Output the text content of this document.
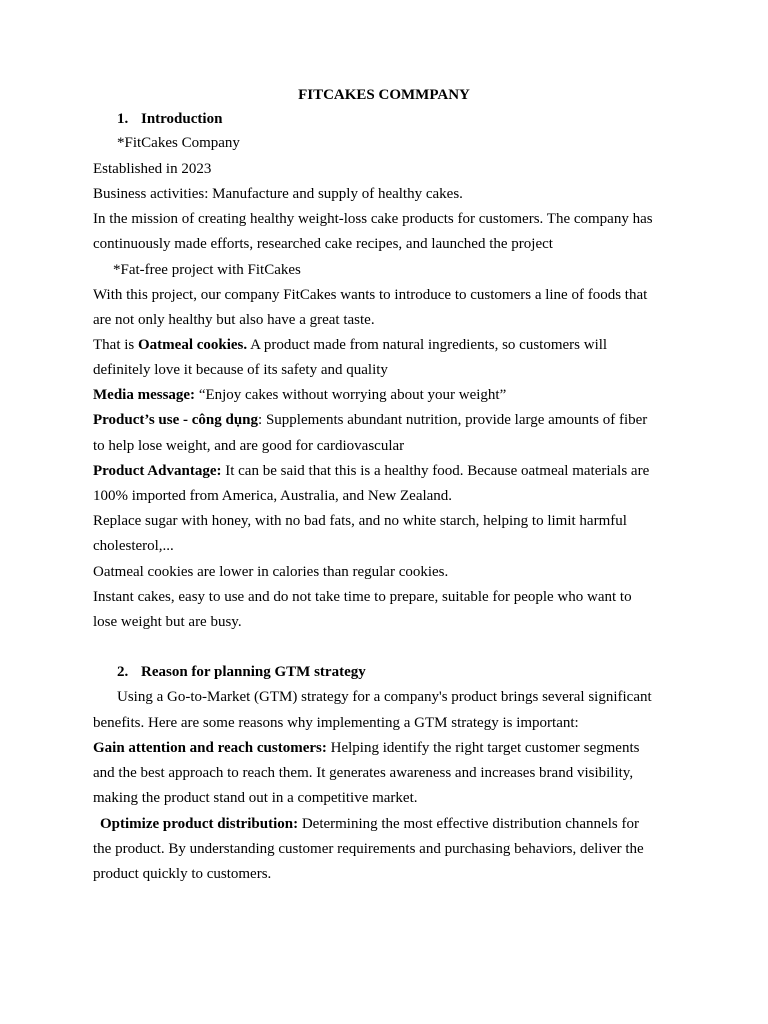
FITCAKES COMMPANY
1. Introduction
*FitCakes Company
Established in 2023
Business activities: Manufacture and supply of healthy cakes.
In the mission of creating healthy weight-loss cake products for customers. The company has
continuously made efforts, researched cake recipes, and launched the project
*Fat-free project with FitCakes
With this project, our company FitCakes wants to introduce to customers a line of foods that
are not only healthy but also have a great taste.
That is Oatmeal cookies. A product made from natural ingredients, so customers will
definitely love it because of its safety and quality
Media message: “Enjoy cakes without worrying about your weight”
Product’s use - công dụng: Supplements abundant nutrition, provide large amounts of fiber
to help lose weight, and are good for cardiovascular
Product Advantage: It can be said that this is a healthy food. Because oatmeal materials are
100% imported from America, Australia, and New Zealand.
Replace sugar with honey, with no bad fats, and no white starch, helping to limit harmful
cholesterol,...
Oatmeal cookies are lower in calories than regular cookies.
Instant cakes, easy to use and do not take time to prepare, suitable for people who want to
lose weight but are busy.
2. Reason for planning GTM strategy
Using a Go-to-Market (GTM) strategy for a company's product brings several significant
benefits. Here are some reasons why implementing a GTM strategy is important:
Gain attention and reach customers: Helping identify the right target customer segments
and the best approach to reach them. It generates awareness and increases brand visibility,
making the product stand out in a competitive market.
Optimize product distribution: Determining the most effective distribution channels for
the product. By understanding customer requirements and purchasing behaviors, deliver the
product quickly to customers.
